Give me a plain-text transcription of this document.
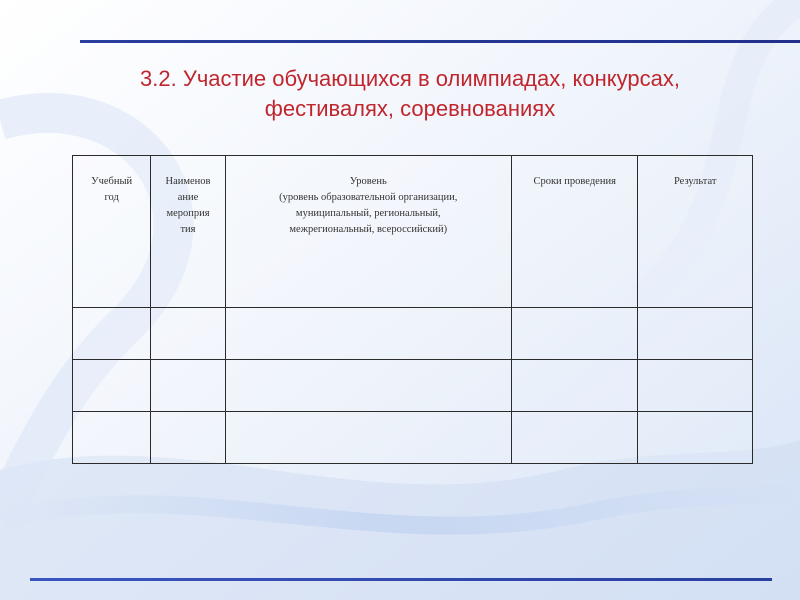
3.2. Участие обучающихся в олимпиадах, конкурсах,
фестивалях, соревнованиях
Учебный
год	Наименов
ание
мероприя
тия	Уровень
(уровень образовательной организации,
муниципальный, региональный,
межрегиональный, всероссийский)	Сроки проведения	Результат
